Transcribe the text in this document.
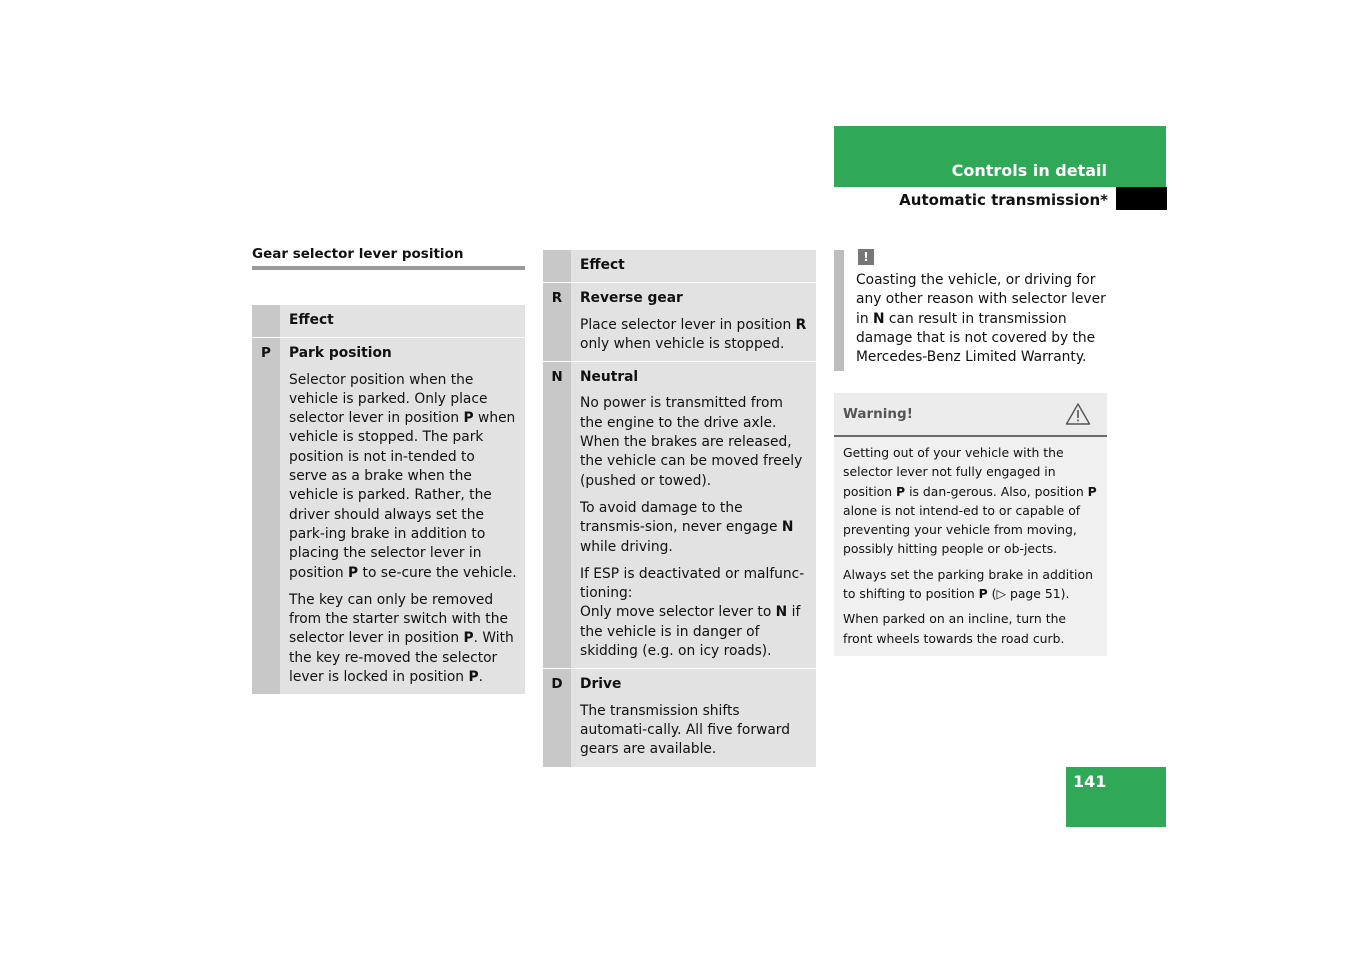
Controls in detail
Automatic transmission*
Gear selector lever position
Effect
P	Park position

Selector position when the vehicle is parked. Only place selector lever in position P when vehicle is stopped. The park position is not in-tended to serve as a brake when the vehicle is parked. Rather, the driver should always set the park-ing brake in addition to placing the selector lever in position P to se-cure the vehicle.

The key can only be removed from the starter switch with the selector lever in position P. With the key re-moved the selector lever is locked in position P.

Effect
R	Reverse gear

Place selector lever in position R only when vehicle is stopped.

N	Neutral

No power is transmitted from the engine to the drive axle. When the brakes are released, the vehicle can be moved freely (pushed or towed).

To avoid damage to the transmis-sion, never engage N while driving.

If ESP is deactivated or malfunc-tioning:
Only move selector lever to N if the vehicle is in danger of skidding (e.g. on icy roads).

D	Drive

The transmission shifts automati-cally. All five forward gears are available.

!
Coasting the vehicle, or driving for any other reason with selector lever in N can result in transmission damage that is not covered by the Mercedes-Benz Limited Warranty.
Warning!

Getting out of your vehicle with the selector lever not fully engaged in position P is dan-gerous. Also, position P alone is not intend-ed to or capable of preventing your vehicle from moving, possibly hitting people or ob-jects.

Always set the parking brake in addition to shifting to position P (▷ page 51).

When parked on an incline, turn the front wheels towards the road curb.

141
